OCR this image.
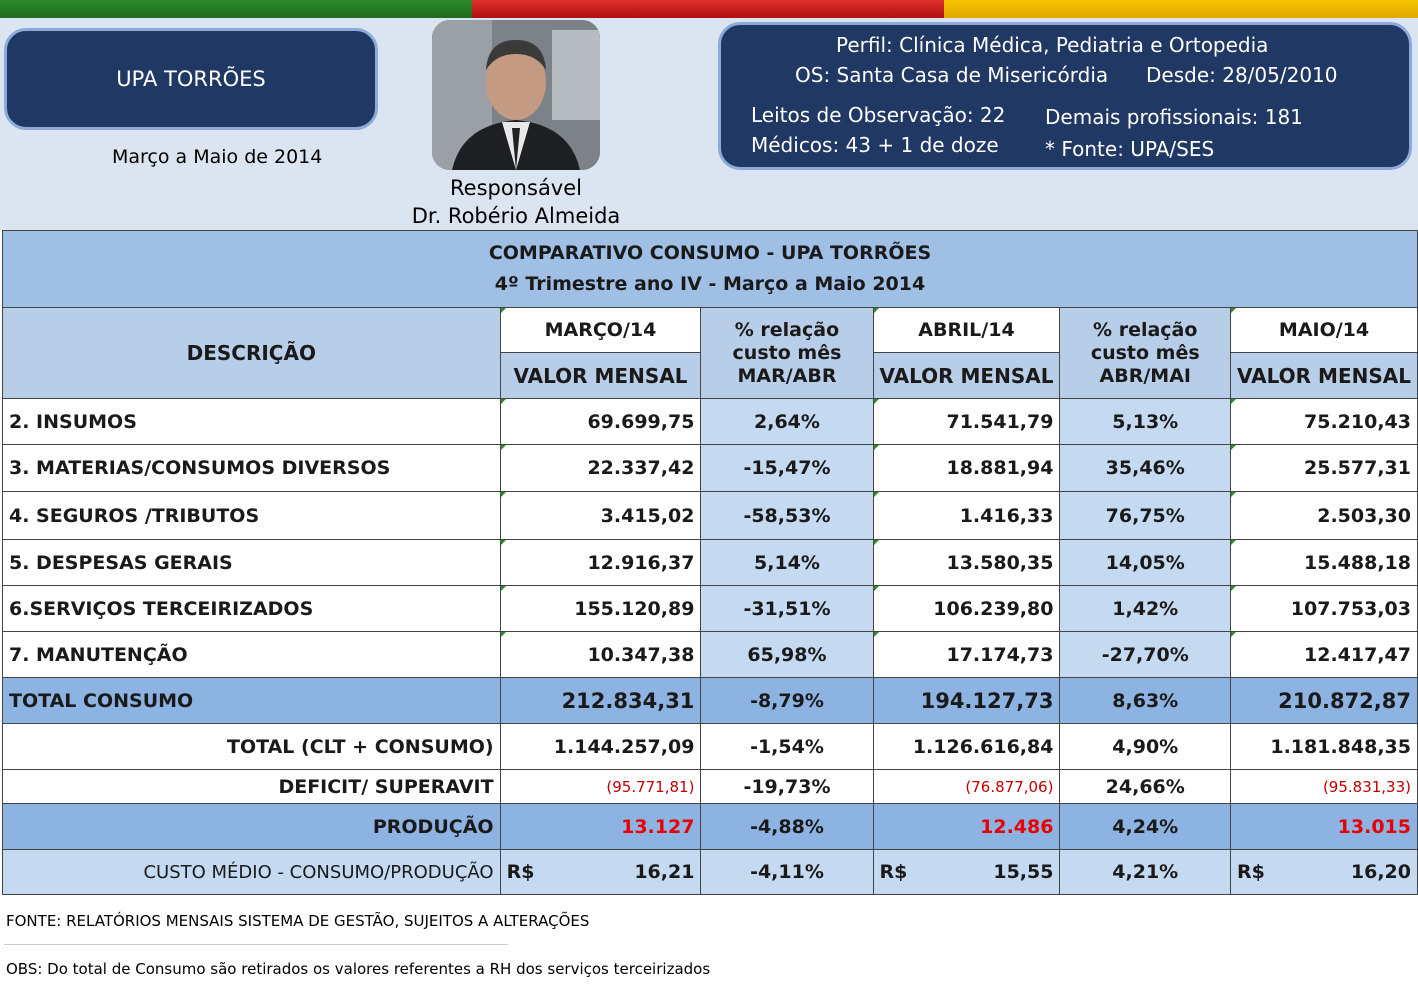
UPA TORRÕES
Março a Maio de 2014
Responsável
Dr. Robério Almeida
Perfil: Clínica Médica, Pediatria e Ortopedia
OS: Santa Casa de Misericórdia Desde: 28/05/2010
Leitos de Observação: 22 Demais profissionais: 181
Médicos: 43 + 1 de doze * Fonte: UPA/SES
COMPARATIVO CONSUMO - UPA TORRÕES
4º Trimestre ano IV - Março a Maio 2014					

DESCRIÇÃO	MARÇO/14	% relação custo mês MAR/ABR	ABRIL/14	% relação custo mês ABR/MAI	MAIO/14
	VALOR MENSAL		VALOR MENSAL		VALOR MENSAL
2. INSUMOS	69.699,75	2,64%	71.541,79	5,13%	75.210,43
3. MATERIAS/CONSUMOS DIVERSOS	22.337,42	-15,47%	18.881,94	35,46%	25.577,31
4. SEGUROS /TRIBUTOS	3.415,02	-58,53%	1.416,33	76,75%	2.503,30
5. DESPESAS GERAIS	12.916,37	5,14%	13.580,35	14,05%	15.488,18
6.SERVIÇOS TERCEIRIZADOS	155.120,89	-31,51%	106.239,80	1,42%	107.753,03
7. MANUTENÇÃO	10.347,38	65,98%	17.174,73	-27,70%	12.417,47
TOTAL CONSUMO	212.834,31	-8,79%	194.127,73	8,63%	210.872,87
TOTAL (CLT + CONSUMO)	1.144.257,09	-1,54%	1.126.616,84	4,90%	1.181.848,35
DEFICIT/ SUPERAVIT	(95.771,81)	-19,73%	(76.877,06)	24,66%	(95.831,33)
PRODUÇÃO	13.127	-4,88%	12.486	4,24%	13.015
CUSTO MÉDIO - CONSUMO/PRODUÇÃO	R$ 16,21	-4,11%	R$ 15,55	4,21%	R$ 16,20
FONTE: RELATÓRIOS MENSAIS SISTEMA DE GESTÃO, SUJEITOS A ALTERAÇÕES
OBS: Do total de Consumo são retirados os valores referentes a RH dos serviços terceirizados
